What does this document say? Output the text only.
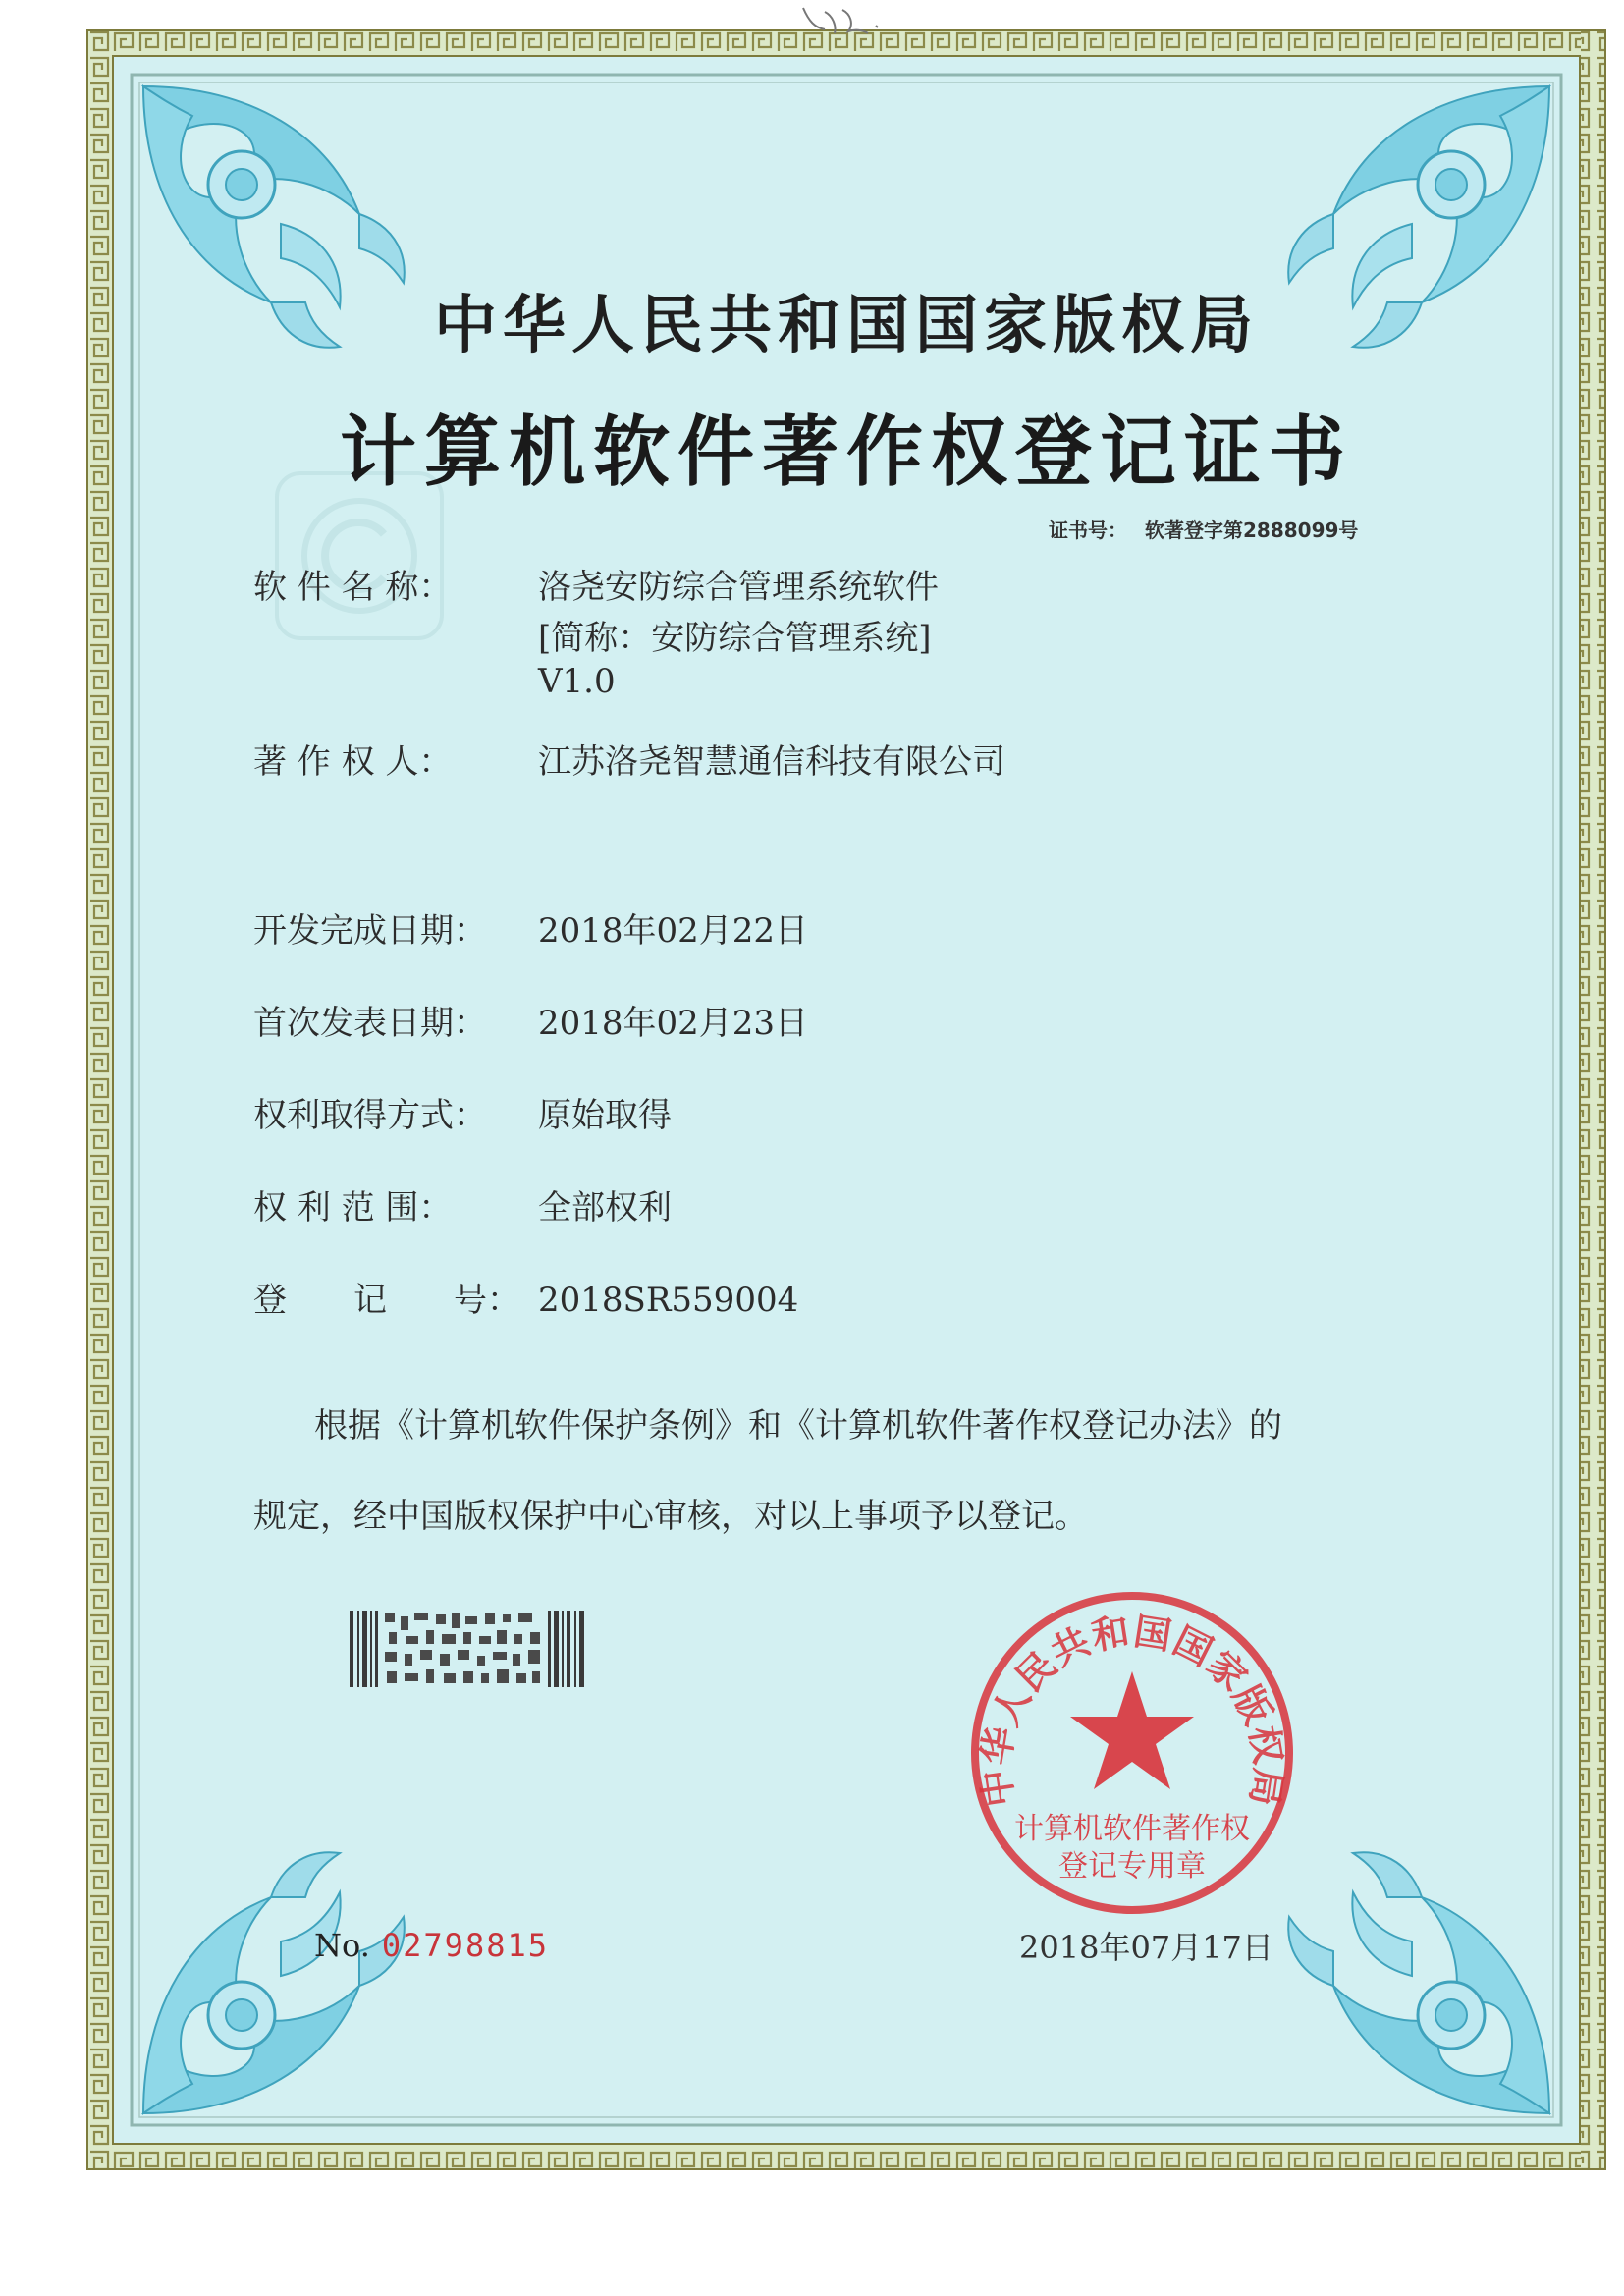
中华人民共和国国家版权局
计算机软件著作权登记证书
证书号： 软著登字第2888099号
软 件 名 称：	洛尧安防综合管理系统软件
[简称：安防综合管理系统]
V1.0
著 作 权 人：	江苏洛尧智慧通信科技有限公司
开发完成日期： 2018年02月22日
首次发表日期： 2018年02月23日
权利取得方式： 原始取得
权 利 范 围：	全部权利
登　　记　　号： 2018SR559004
根据《计算机软件保护条例》和《计算机软件著作权登记办法》的
规定，经中国版权保护中心审核，对以上事项予以登记。
2018年07月17日
中华人民共和国国家版权局
计算机软件著作权
登记专用章
No. 02798815
